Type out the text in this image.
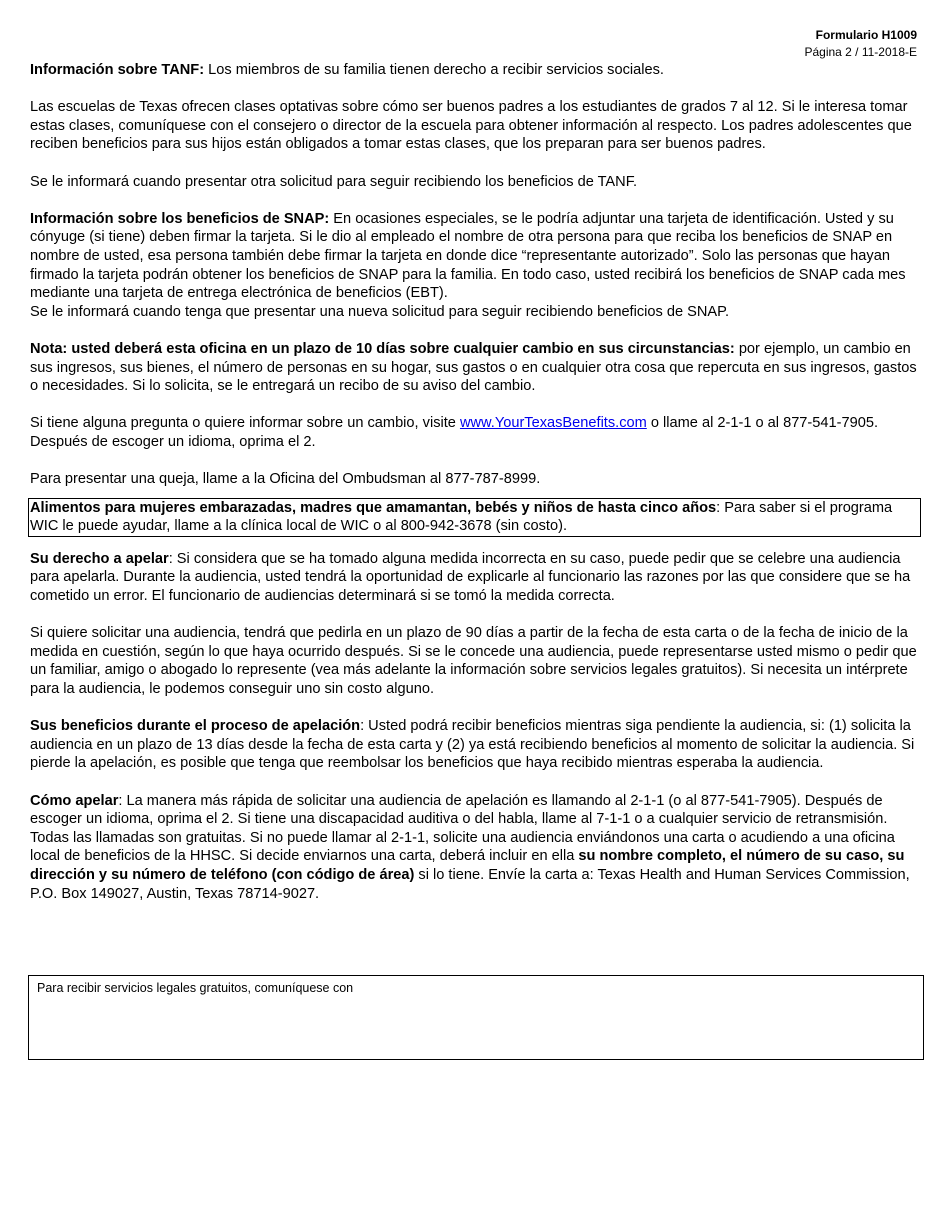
Formulario H1009
Página 2 / 11-2018-E

Información sobre TANF: Los miembros de su familia tienen derecho a recibir servicios sociales.

Las escuelas de Texas ofrecen clases optativas sobre cómo ser buenos padres a los estudiantes de grados 7 al 12. Si le interesa tomar estas clases, comuníquese con el consejero o director de la escuela para obtener información al respecto. Los padres adolescentes que reciben beneficios para sus hijos están obligados a tomar estas clases, que los preparan para ser buenos padres.

Se le informará cuando presentar otra solicitud para seguir recibiendo los beneficios de TANF.

Información sobre los beneficios de SNAP: En ocasiones especiales, se le podría adjuntar una tarjeta de identificación. Usted y su cónyuge (si tiene) deben firmar la tarjeta. Si le dio al empleado el nombre de otra persona para que reciba los beneficios de SNAP en nombre de usted, esa persona también debe firmar la tarjeta en donde dice “representante autorizado”. Solo las personas que hayan firmado la tarjeta podrán obtener los beneficios de SNAP para la familia. En todo caso, usted recibirá los beneficios de SNAP cada mes mediante una tarjeta de entrega electrónica de beneficios (EBT).

Se le informará cuando tenga que presentar una nueva solicitud para seguir recibiendo beneficios de SNAP.

Nota: usted deberá esta oficina en un plazo de 10 días sobre cualquier cambio en sus circunstancias: por ejemplo, un cambio en sus ingresos, sus bienes, el número de personas en su hogar, sus gastos o en cualquier otra cosa que repercuta en sus ingresos, gastos o necesidades. Si lo solicita, se le entregará un recibo de su aviso del cambio.

Si tiene alguna pregunta o quiere informar sobre un cambio, visite www.YourTexasBenefits.com o llame al 2-1-1 o al 877-541-7905. Después de escoger un idioma, oprima el 2.

Para presentar una queja, llame a la Oficina del Ombudsman al 877-787-8999.

Alimentos para mujeres embarazadas, madres que amamantan, bebés y niños de hasta cinco años: Para saber si el programa WIC le puede ayudar, llame a la clínica local de WIC o al 800-942-3678 (sin costo).

Su derecho a apelar: Si considera que se ha tomado alguna medida incorrecta en su caso, puede pedir que se celebre una audiencia para apelarla. Durante la audiencia, usted tendrá la oportunidad de explicarle al funcionario las razones por las que considere que se ha cometido un error. El funcionario de audiencias determinará si se tomó la medida correcta.

Si quiere solicitar una audiencia, tendrá que pedirla en un plazo de 90 días a partir de la fecha de esta carta o de la fecha de inicio de la medida en cuestión, según lo que haya ocurrido después. Si se le concede una audiencia, puede representarse usted mismo o pedir que un familiar, amigo o abogado lo represente (vea más adelante la información sobre servicios legales gratuitos). Si necesita un intérprete para la audiencia, le podemos conseguir uno sin costo alguno.

Sus beneficios durante el proceso de apelación: Usted podrá recibir beneficios mientras siga pendiente la audiencia, si: (1) solicita la audiencia en un plazo de 13 días desde la fecha de esta carta y (2) ya está recibiendo beneficios al momento de solicitar la audiencia. Si pierde la apelación, es posible que tenga que reembolsar los beneficios que haya recibido mientras esperaba la audiencia.

Cómo apelar: La manera más rápida de solicitar una audiencia de apelación es llamando al 2-1-1 (o al 877-541-7905). Después de escoger un idioma, oprima el 2. Si tiene una discapacidad auditiva o del habla, llame al 7-1-1 o a cualquier servicio de retransmisión. Todas las llamadas son gratuitas. Si no puede llamar al 2-1-1, solicite una audiencia enviándonos una carta o acudiendo a una oficina local de beneficios de la HHSC. Si decide enviarnos una carta, deberá incluir en ella su nombre completo, el número de su caso, su dirección y su número de teléfono (con código de área) si lo tiene. Envíe la carta a: Texas Health and Human Services Commission, P.O. Box 149027, Austin, Texas 78714-9027.

Para recibir servicios legales gratuitos, comuníquese con
